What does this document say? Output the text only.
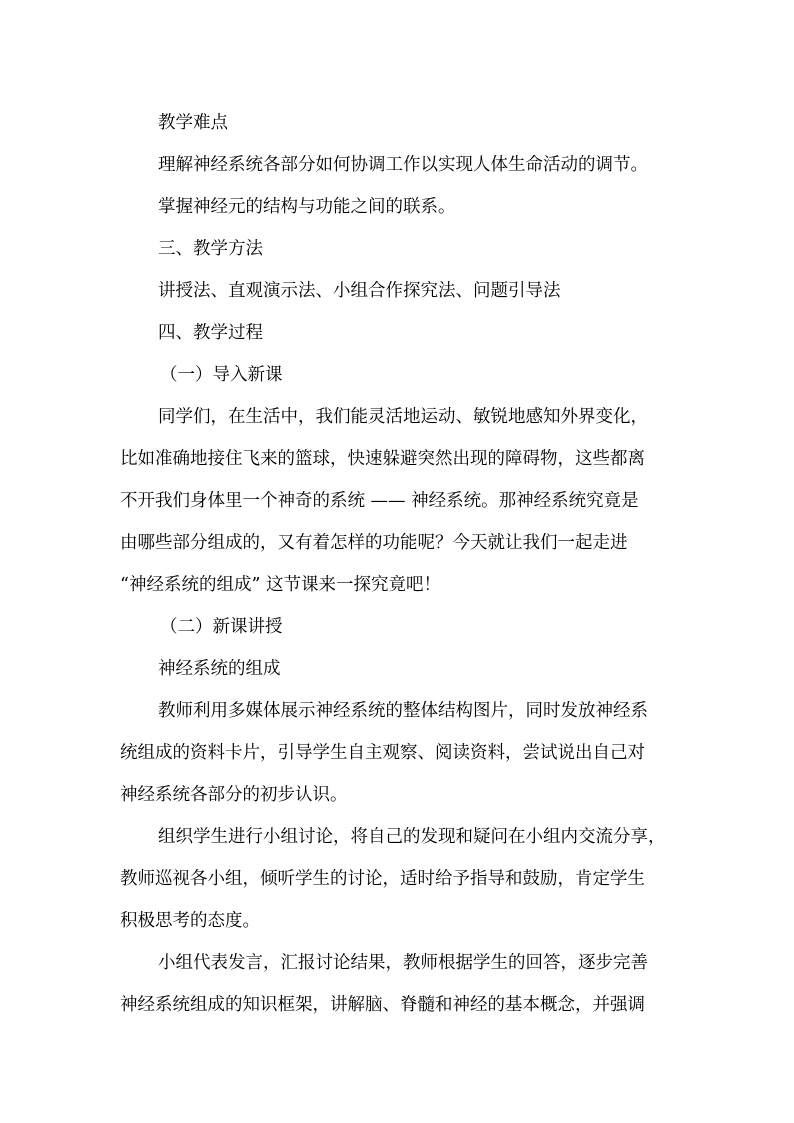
教学难点

理解神经系统各部分如何协调工作以实现人体生命活动的调节。

掌握神经元的结构与功能之间的联系。

三、教学方法

讲授法、直观演示法、小组合作探究法、问题引导法

四、教学过程

（一）导入新课

同学们，在生活中，我们能灵活地运动、敏锐地感知外界变化，

比如准确地接住飞来的篮球，快速躲避突然出现的障碍物，这些都离

不开我们身体里一个神奇的系统 —— 神经系统。那神经系统究竟是

由哪些部分组成的，又有着怎样的功能呢？今天就让我们一起走进

“神经系统的组成” 这节课来一探究竟吧！

（二）新课讲授

神经系统的组成

教师利用多媒体展示神经系统的整体结构图片，同时发放神经系

统组成的资料卡片，引导学生自主观察、阅读资料，尝试说出自己对

神经系统各部分的初步认识。

组织学生进行小组讨论，将自己的发现和疑问在小组内交流分享，

教师巡视各小组，倾听学生的讨论，适时给予指导和鼓励，肯定学生

积极思考的态度。

小组代表发言，汇报讨论结果，教师根据学生的回答，逐步完善

神经系统组成的知识框架，讲解脑、脊髓和神经的基本概念，并强调
